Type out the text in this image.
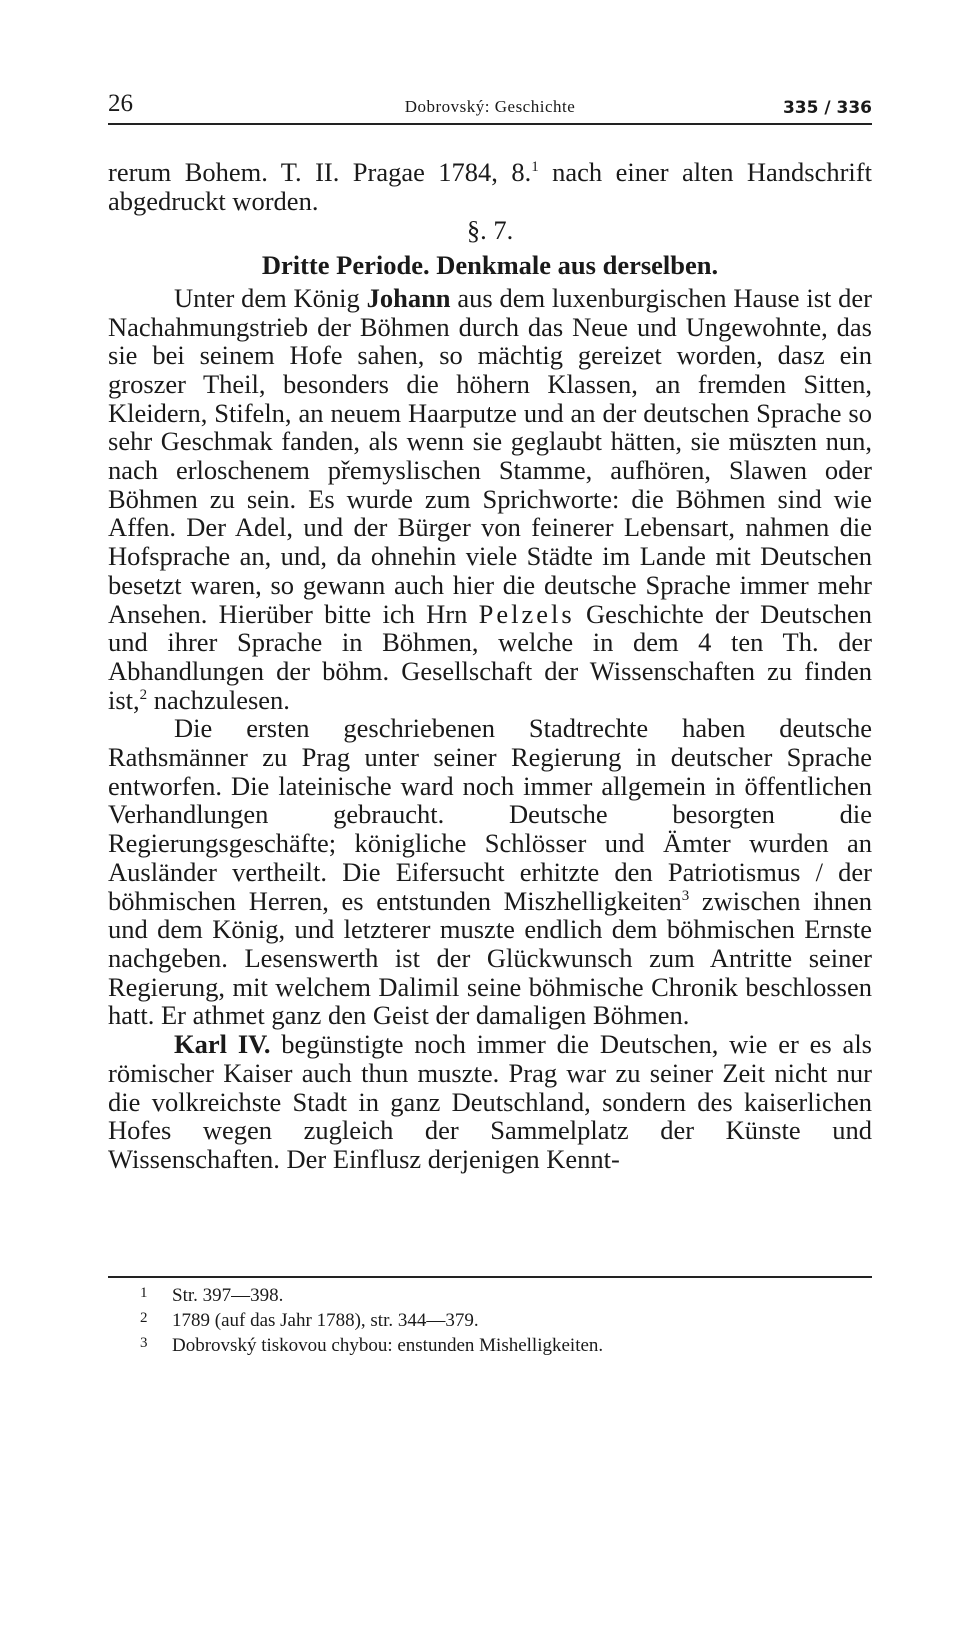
26	Dobrovský: Geschichte	335 / 336

rerum Bohem. T. II. Pragae 1784, 8.$^1$ nach einer alten Handschrift abgedruckt worden.

§. 7.
Dritte Periode. Denkmale aus derselben.

Unter dem König Johann aus dem luxenburgischen Hause ist der Nachahmungstrieb der Böhmen durch das Neue und Ungewohnte, das sie bei seinem Hofe sahen, so mächtig gereizet worden, dasz ein groszer Theil, besonders die höhern Klassen, an fremden Sitten, Kleidern, Stifeln, an neuem Haarputze und an der deutschen Sprache so sehr Geschmak fanden, als wenn sie geglaubt hätten, sie müszten nun, nach erloschenem přemyslischen Stamme, aufhören, Slawen oder Böhmen zu sein. Es wurde zum Sprichworte: die Böhmen sind wie Affen. Der Adel, und der Bürger von feinerer Lebensart, nahmen die Hofsprache an, und, da ohnehin viele Städte im Lande mit Deutschen besetzt waren, so gewann auch hier die deutsche Sprache immer mehr Ansehen. Hierüber bitte ich Hrn Pelzels Geschichte der Deutschen und ihrer Sprache in Böhmen, welche in dem 4 ten Th. der Abhandlungen der böhm. Gesellschaft der Wissenschaften zu finden ist,$^2$ nachzulesen.

Die ersten geschriebenen Stadtrechte haben deutsche Rathsmänner zu Prag unter seiner Regierung in deutscher Sprache entworfen. Die lateinische ward noch immer allgemein in öffentlichen Verhandlungen gebraucht. Deutsche besorgten die Regierungsgeschäfte; königliche Schlösser und Ämter wurden an Ausländer vertheilt. Die Eifersucht erhitzte den Patriotismus / der böhmischen Herren, es entstunden Miszhelligkeiten$^3$ zwischen ihnen und dem König, und letzterer muszte endlich dem böhmischen Ernste nachgeben. Lesenswerth ist der Glückwunsch zum Antritte seiner Regierung, mit welchem Dalimil seine böhmische Chronik beschlossen hatt. Er athmet ganz den Geist der damaligen Böhmen.

Karl IV. begünstigte noch immer die Deutschen, wie er es als römischer Kaiser auch thun muszte. Prag war zu seiner Zeit nicht nur die volkreichste Stadt in ganz Deutschland, sondern des kaiserlichen Hofes wegen zugleich der Sammelplatz der Künste und Wissenschaften. Der Einflusz derjenigen Kennt-

1 Str. 397—398.

2 1789 (auf das Jahr 1788), str. 344—379.

3 Dobrovský tiskovou chybou: enstunden Mishelligkeiten.
